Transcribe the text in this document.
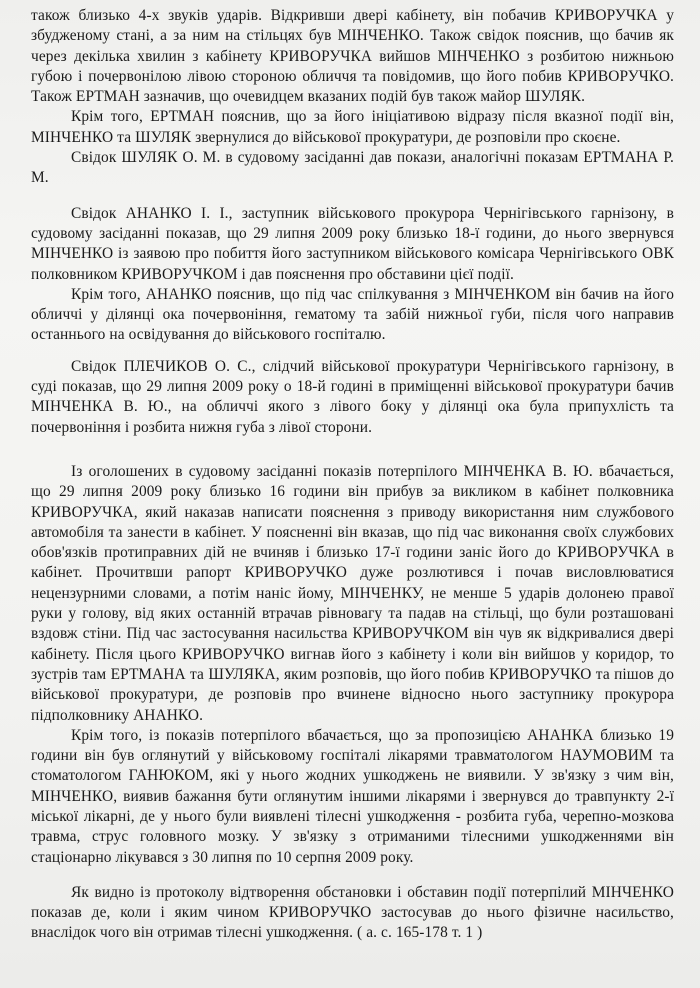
також близько 4-х звуків ударів. Відкривши двері кабінету, він побачив КРИВОРУЧКА у збудженому стані, а за ним на стільцях був МІНЧЕНКО. Також свідок пояснив, що бачив як через декілька хвилин з кабінету КРИВОРУЧКА вийшов МІНЧЕНКО з розбитою нижньою губою і почервонілою лівою стороною обличчя та повідомив, що його побив КРИВОРУЧКО. Також ЕРТМАН зазначив, що очевидцем вказаних подій був також майор ШУЛЯК.

Крім того, ЕРТМАН пояснив, що за його ініціативою відразу після вказної події він, МІНЧЕНКО та ШУЛЯК звернулися до військової прокуратури, де розповіли про скоєне.

Свідок ШУЛЯК О. М. в судовому засіданні дав покази, аналогічні показам ЕРТМАНА Р. М.

Свідок АНАНКО І. І., заступник військового прокурора Чернігівського гарнізону, в судовому засіданні показав, що 29 липня 2009 року близько 18-ї години, до нього звернувся МІНЧЕНКО із заявою про побиття його заступником військового комісара Чернігівського ОВК полковником КРИВОРУЧКОМ і дав пояснення про обставини цієї події.

Крім того, АНАНКО пояснив, що під час спілкування з МІНЧЕНКОМ він бачив на його обличчі у ділянці ока почервоніння, гематому та забій нижньої губи, після чого направив останнього на освідування до військового госпіталю.

Свідок ПЛЕЧИКОВ О. С., слідчий військової прокуратури Чернігівського гарнізону, в суді показав, що 29 липня 2009 року о 18-й годині в приміщенні військової прокуратури бачив МІНЧЕНКА В. Ю., на обличчі якого з лівого боку у ділянці ока була припухлість та почервоніння і розбита нижня губа з лівої сторони.

Із оголошених в судовому засіданні показів потерпілого МІНЧЕНКА В. Ю. вбачається, що 29 липня 2009 року близько 16 години він прибув за викликом в кабінет полковника КРИВОРУЧКА, який наказав написати пояснення з приводу використання ним службового автомобіля та занести в кабінет. У поясненні він вказав, що під час виконання своїх службових обов'язків протиправних дій не вчиняв і близько 17-ї години заніс його до КРИВОРУЧКА в кабінет. Прочитвши рапорт КРИВОРУЧКО дуже розлютився і почав висловлюватися нецензурними словами, а потім наніс йому, МІНЧЕНКУ, не менше 5 ударів долонею правої руки у голову, від яких останній втрачав рівновагу та падав на стільці, що були розташовані вздовж стіни. Під час застосування насильства КРИВОРУЧКОМ він чув як відкривалися двері кабінету. Після цього КРИВОРУЧКО вигнав його з кабінету і коли він вийшов у коридор, то зустрів там ЕРТМАНА та ШУЛЯКА, яким розповів, що його побив КРИВОРУЧКО та пішов до військової прокуратури, де розповів про вчинене відносно нього заступнику прокурора підполковнику АНАНКО.

Крім того, із показів потерпілого вбачається, що за пропозицією АНАНКА близько 19 години він був оглянутий у військовому госпіталі лікарями травматологом НАУМОВИМ та стоматологом ГАНЮКОМ, які у нього жодних ушкоджень не виявили. У зв'язку з чим він, МІНЧЕНКО, виявив бажання бути оглянутим іншими лікарями і звернувся до травпункту 2-ї міської лікарні, де у нього були виявлені тілесні ушкодження - розбита губа, черепно-мозкова травма, струс головного мозку. У зв'язку з отриманими тілесними ушкодженнями він стаціонарно лікувався з 30 липня по 10 серпня 2009 року.

Як видно із протоколу відтворення обстановки і обставин події потерпілий МІНЧЕНКО показав де, коли і яким чином КРИВОРУЧКО застосував до нього фізичне насильство, внаслідок чого він отримав тілесні ушкодження. ( а. с. 165-178 т. 1 )
